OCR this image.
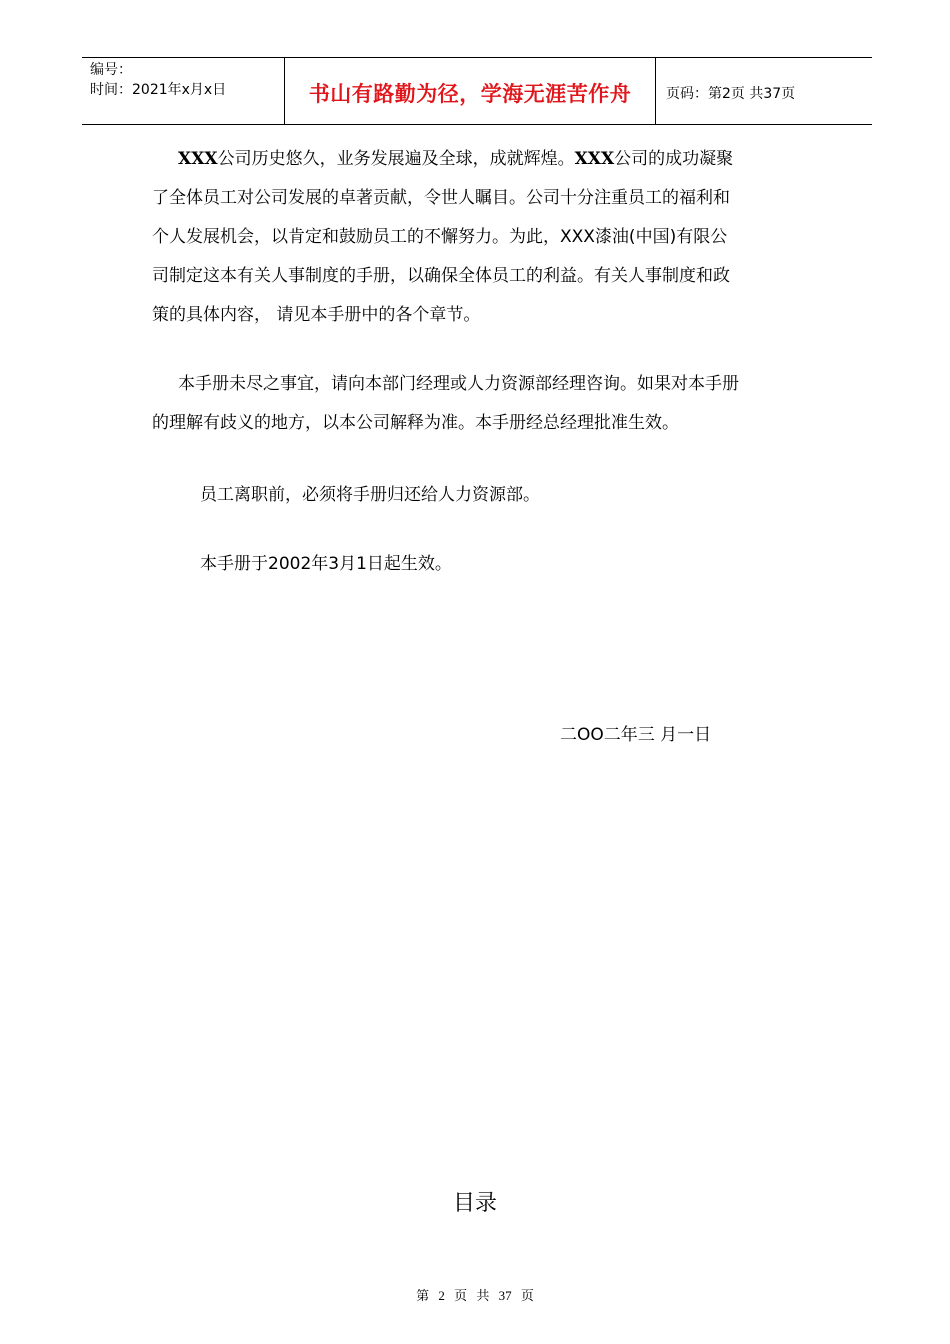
编号：
时间：2021年x月x日	书山有路勤为径，学海无涯苦作舟	页码：第2页 共37页
XXX公司历史悠久，业务发展遍及全球，成就辉煌。XXX公司的成功凝聚
了全体员工对公司发展的卓著贡献，令世人瞩目。公司十分注重员工的福利和
个人发展机会，以肯定和鼓励员工的不懈努力。为此，XXX漆油(中国)有限公
司制定这本有关人事制度的手册，以确保全体员工的利益。有关人事制度和政
策的具体内容， 请见本手册中的各个章节。
本手册未尽之事宜，请向本部门经理或人力资源部经理咨询。如果对本手册
的理解有歧义的地方，以本公司解释为准。本手册经总经理批准生效。
员工离职前，必须将手册归还给人力资源部。
本手册于2002年3月1日起生效。
二OO二年三 月一日
目录
第 2 页 共 37 页
